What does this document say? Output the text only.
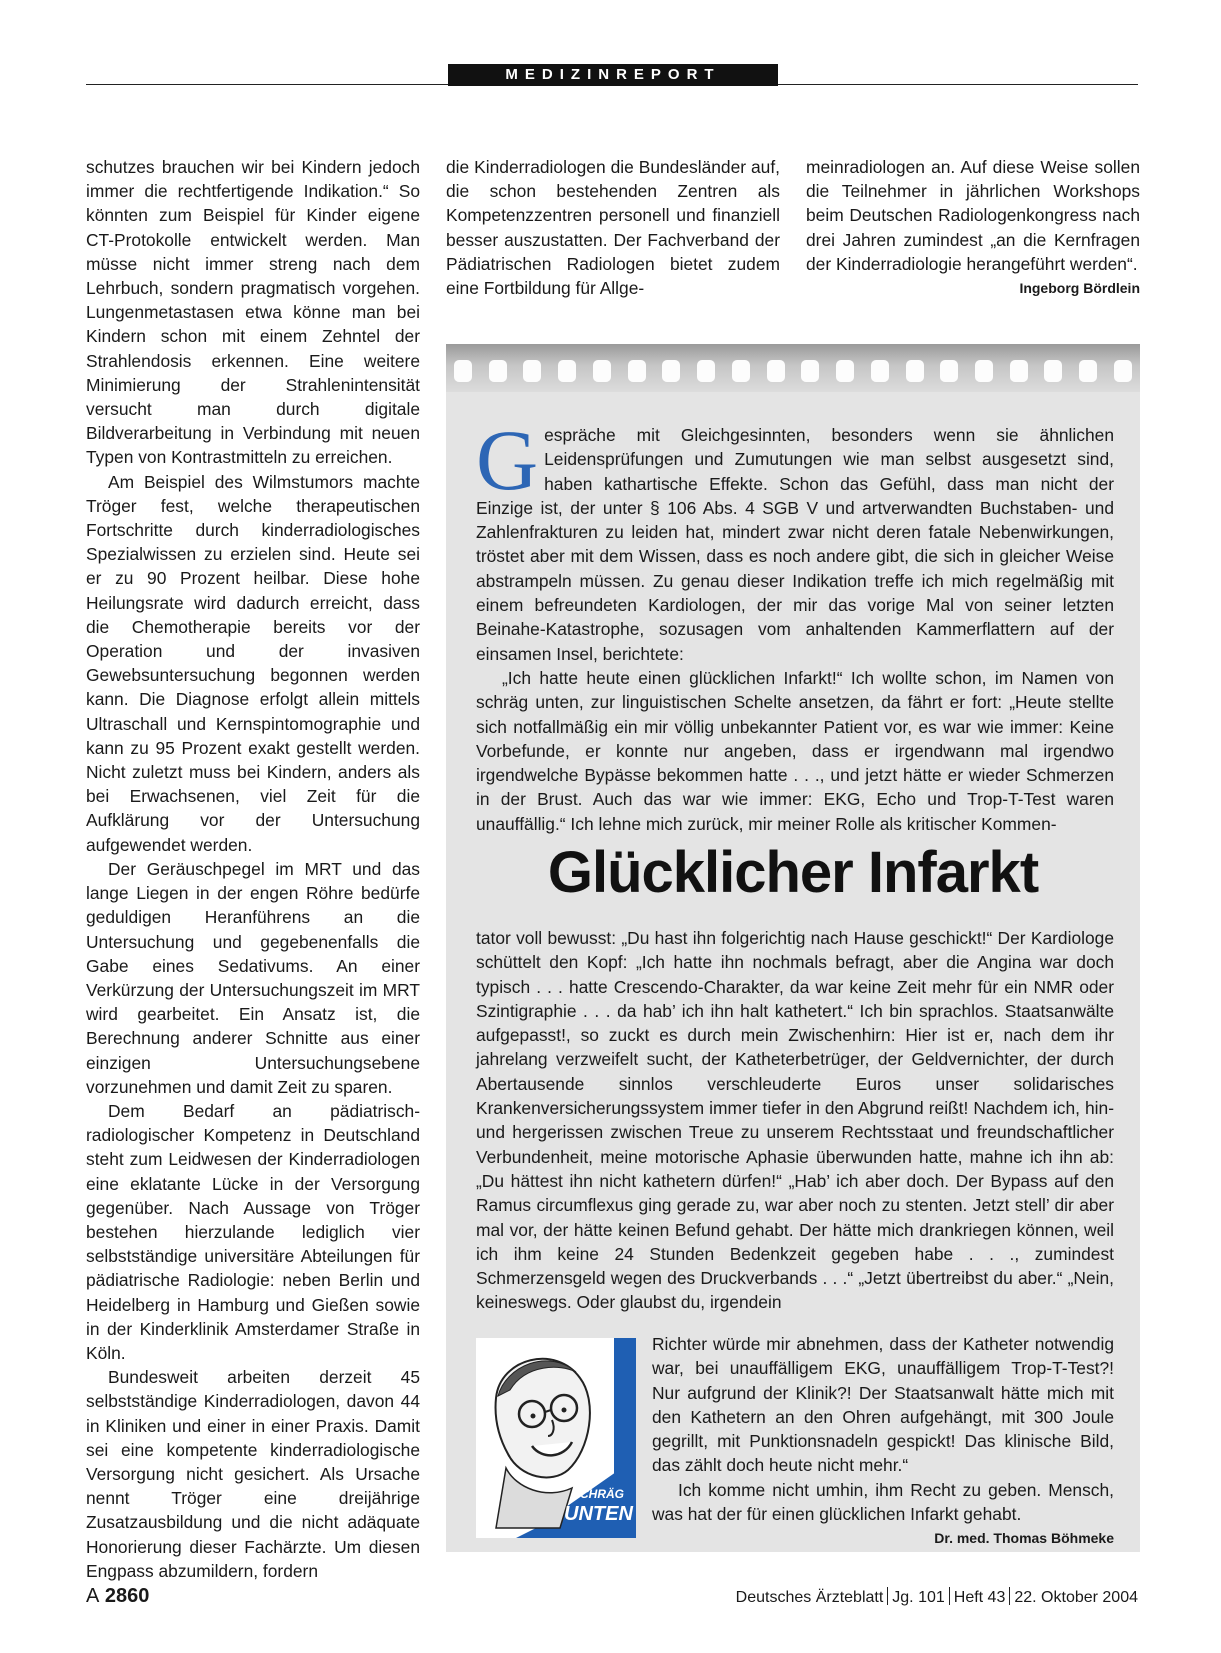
MEDIZINREPORT

schutzes brauchen wir bei Kindern jedoch immer die rechtfertigende Indikation.“ So könnten zum Beispiel für Kinder eigene CT-Protokolle entwickelt werden. Man müsse nicht immer streng nach dem Lehrbuch, sondern pragmatisch vorgehen. Lungenmetastasen etwa könne man bei Kindern schon mit einem Zehntel der Strahlendosis erkennen. Eine weitere Minimierung der Strahlenintensität versucht man durch digitale Bildverarbeitung in Verbindung mit neuen Typen von Kontrastmitteln zu erreichen.

Am Beispiel des Wilmstumors machte Tröger fest, welche therapeutischen Fortschritte durch kinderradiologisches Spezialwissen zu erzielen sind. Heute sei er zu 90 Prozent heilbar. Diese hohe Heilungsrate wird dadurch erreicht, dass die Chemotherapie bereits vor der Operation und der invasiven Gewebsuntersuchung begonnen werden kann. Die Diagnose erfolgt allein mittels Ultraschall und Kernspintomographie und kann zu 95 Prozent exakt gestellt werden. Nicht zuletzt muss bei Kindern, anders als bei Erwachsenen, viel Zeit für die Aufklärung vor der Untersuchung aufgewendet werden.

Der Geräuschpegel im MRT und das lange Liegen in der engen Röhre bedürfe geduldigen Heranführens an die Untersuchung und gegebenenfalls die Gabe eines Sedativums. An einer Verkürzung der Untersuchungszeit im MRT wird gearbeitet. Ein Ansatz ist, die Berechnung anderer Schnitte aus einer einzigen Untersuchungsebene vorzunehmen und damit Zeit zu sparen.

Dem Bedarf an pädiatrisch-radiologischer Kompetenz in Deutschland steht zum Leidwesen der Kinderradiologen eine eklatante Lücke in der Versorgung gegenüber. Nach Aussage von Tröger bestehen hierzulande lediglich vier selbstständige universitäre Abteilungen für pädiatrische Radiologie: neben Berlin und Heidelberg in Hamburg und Gießen sowie in der Kinderklinik Amsterdamer Straße in Köln.

Bundesweit arbeiten derzeit 45 selbstständige Kinderradiologen, davon 44 in Kliniken und einer in einer Praxis. Damit sei eine kompetente kinderradiologische Versorgung nicht gesichert. Als Ursache nennt Tröger eine dreijährige Zusatzausbildung und die nicht adäquate Honorierung dieser Fachärzte. Um diesen Engpass abzumildern, fordern

die Kinderradiologen die Bundesländer auf, die schon bestehenden Zentren als Kompetenzzentren personell und finanziell besser auszustatten. Der Fachverband der Pädiatrischen Radiologen bietet zudem eine Fortbildung für Allge-

meinradiologen an. Auf diese Weise sollen die Teilnehmer in jährlichen Workshops beim Deutschen Radiologenkongress nach drei Jahren zumindest „an die Kernfragen der Kinderradiologie herangeführt werden“.
Ingeborg Bördlein

Gespräche mit Gleichgesinnten, besonders wenn sie ähnlichen Leidensprüfungen und Zumutungen wie man selbst ausgesetzt sind, haben kathartische Effekte. Schon das Gefühl, dass man nicht der Einzige ist, der unter § 106 Abs. 4 SGB V und artverwandten Buchstaben- und Zahlenfrakturen zu leiden hat, mindert zwar nicht deren fatale Nebenwirkungen, tröstet aber mit dem Wissen, dass es noch andere gibt, die sich in gleicher Weise abstrampeln müssen. Zu genau dieser Indikation treffe ich mich regelmäßig mit einem befreundeten Kardiologen, der mir das vorige Mal von seiner letzten Beinahe-Katastrophe, sozusagen vom anhaltenden Kammerflattern auf der einsamen Insel, berichtete:

„Ich hatte heute einen glücklichen Infarkt!“ Ich wollte schon, im Namen von schräg unten, zur linguistischen Schelte ansetzen, da fährt er fort: „Heute stellte sich notfallmäßig ein mir völlig unbekannter Patient vor, es war wie immer: Keine Vorbefunde, er konnte nur angeben, dass er irgendwann mal irgendwo irgendwelche Bypässe bekommen hatte . . ., und jetzt hätte er wieder Schmerzen in der Brust. Auch das war wie immer: EKG, Echo und Trop-T-Test waren unauffällig.“ Ich lehne mich zurück, mir meiner Rolle als kritischer Kommen-

Glücklicher Infarkt

tator voll bewusst: „Du hast ihn folgerichtig nach Hause geschickt!“ Der Kardiologe schüttelt den Kopf: „Ich hatte ihn nochmals befragt, aber die Angina war doch typisch . . . hatte Crescendo-Charakter, da war keine Zeit mehr für ein NMR oder Szintigraphie . . . da hab’ ich ihn halt kathetert.“ Ich bin sprachlos. Staatsanwälte aufgepasst!, so zuckt es durch mein Zwischenhirn: Hier ist er, nach dem ihr jahrelang verzweifelt sucht, der Katheterbetrüger, der Geldvernichter, der durch Abertausende sinnlos verschleuderte Euros unser solidarisches Krankenversicherungssystem immer tiefer in den Abgrund reißt! Nachdem ich, hin- und hergerissen zwischen Treue zu unserem Rechtsstaat und freundschaftlicher Verbundenheit, meine motorische Aphasie überwunden hatte, mahne ich ihn ab: „Du hättest ihn nicht kathetern dürfen!“ „Hab’ ich aber doch. Der Bypass auf den Ramus circumflexus ging gerade zu, war aber noch zu stenten. Jetzt stell’ dir aber mal vor, der hätte keinen Befund gehabt. Der hätte mich drankriegen können, weil ich ihm keine 24 Stunden Bedenkzeit gegeben habe . . ., zumindest Schmerzensgeld wegen des Druckverbands . . .“ „Jetzt übertreibst du aber.“ „Nein, keineswegs. Oder glaubst du, irgendein

VON
SCHRÄG
UNTEN

Richter würde mir abnehmen, dass der Katheter notwendig war, bei unauffälligem EKG, unauffälligem Trop-T-Test?! Nur aufgrund der Klinik?! Der Staatsanwalt hätte mich mit den Kathetern an den Ohren aufgehängt, mit 300 Joule gegrillt, mit Punktionsnadeln gespickt! Das klinische Bild, das zählt doch heute nicht mehr.“

Ich komme nicht umhin, ihm Recht zu geben. Mensch, was hat der für einen glücklichen Infarkt gehabt.
Dr. med. Thomas Böhmeke

A 2860	Deutsches Ärzteblatt Jg. 101 Heft 43 22. Oktober 2004
